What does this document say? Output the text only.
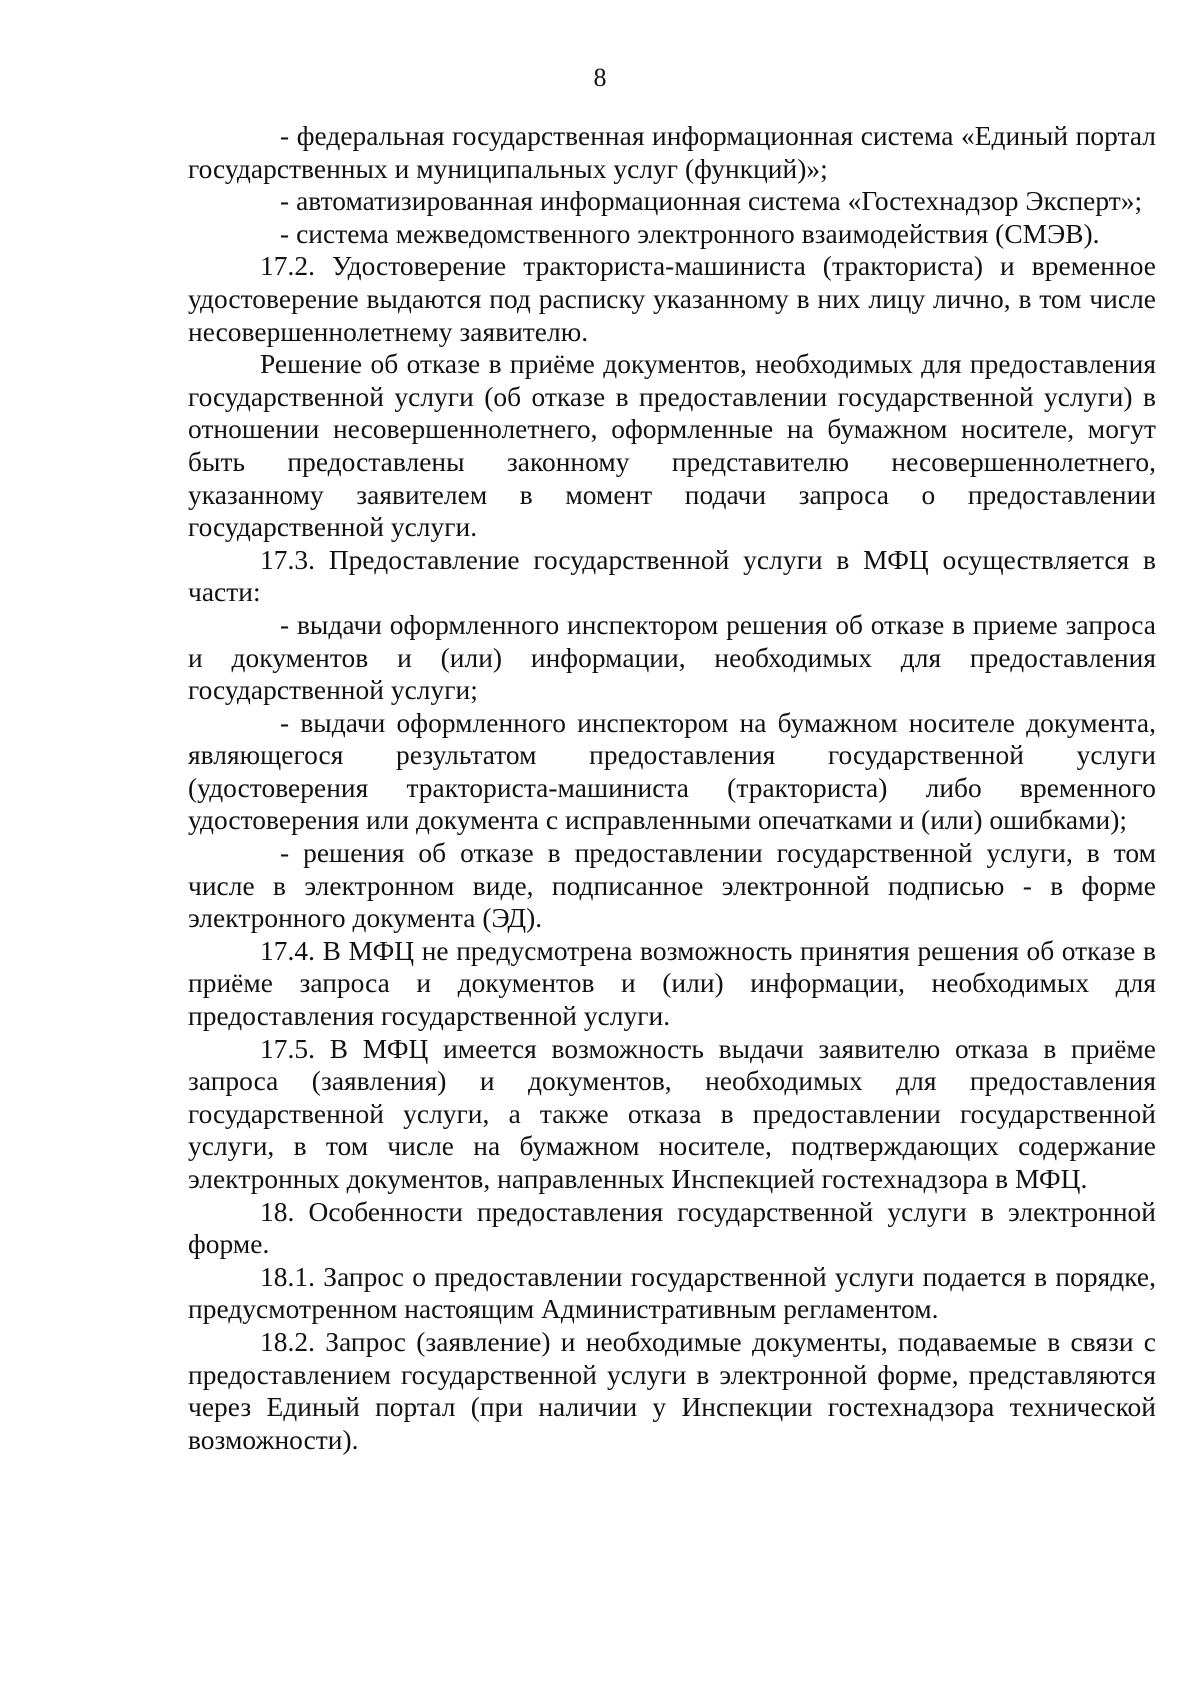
8

- федеральная государственная информационная система «Единый портал государственных и муниципальных услуг (функций)»;

- автоматизированная информационная система «Гостехнадзор Эксперт»;

- система межведомственного электронного взаимодействия (СМЭВ).

17.2. Удостоверение тракториста-машиниста (тракториста) и временное удостоверение выдаются под расписку указанному в них лицу лично, в том числе несовершеннолетнему заявителю.

Решение об отказе в приёме документов, необходимых для предоставления государственной услуги (об отказе в предоставлении государственной услуги) в отношении несовершеннолетнего, оформленные на бумажном носителе, могут быть предоставлены законному представителю несовершеннолетнего, указанному заявителем в момент подачи запроса о предоставлении государственной услуги.

17.3. Предоставление государственной услуги в МФЦ осуществляется в части:

- выдачи оформленного инспектором решения об отказе в приеме запроса и документов и (или) информации, необходимых для предоставления государственной услуги;

- выдачи оформленного инспектором на бумажном носителе документа, являющегося результатом предоставления государственной услуги (удостоверения тракториста-машиниста (тракториста) либо временного удостоверения или документа с исправленными опечатками и (или) ошибками);

- решения об отказе в предоставлении государственной услуги, в том числе в электронном виде, подписанное электронной подписью - в форме электронного документа (ЭД).

17.4. В МФЦ не предусмотрена возможность принятия решения об отказе в приёме запроса и документов и (или) информации, необходимых для предоставления государственной услуги.

17.5. В МФЦ имеется возможность выдачи заявителю отказа в приёме запроса (заявления) и документов, необходимых для предоставления государственной услуги, а также отказа в предоставлении государственной услуги, в том числе на бумажном носителе, подтверждающих содержание электронных документов, направленных Инспекцией гостехнадзора в МФЦ.

18. Особенности предоставления государственной услуги в электронной форме.

18.1. Запрос о предоставлении государственной услуги подается в порядке, предусмотренном настоящим Административным регламентом.

18.2. Запрос (заявление) и необходимые документы, подаваемые в связи с предоставлением государственной услуги в электронной форме, представляются через Единый портал (при наличии у Инспекции гостехнадзора технической возможности).
